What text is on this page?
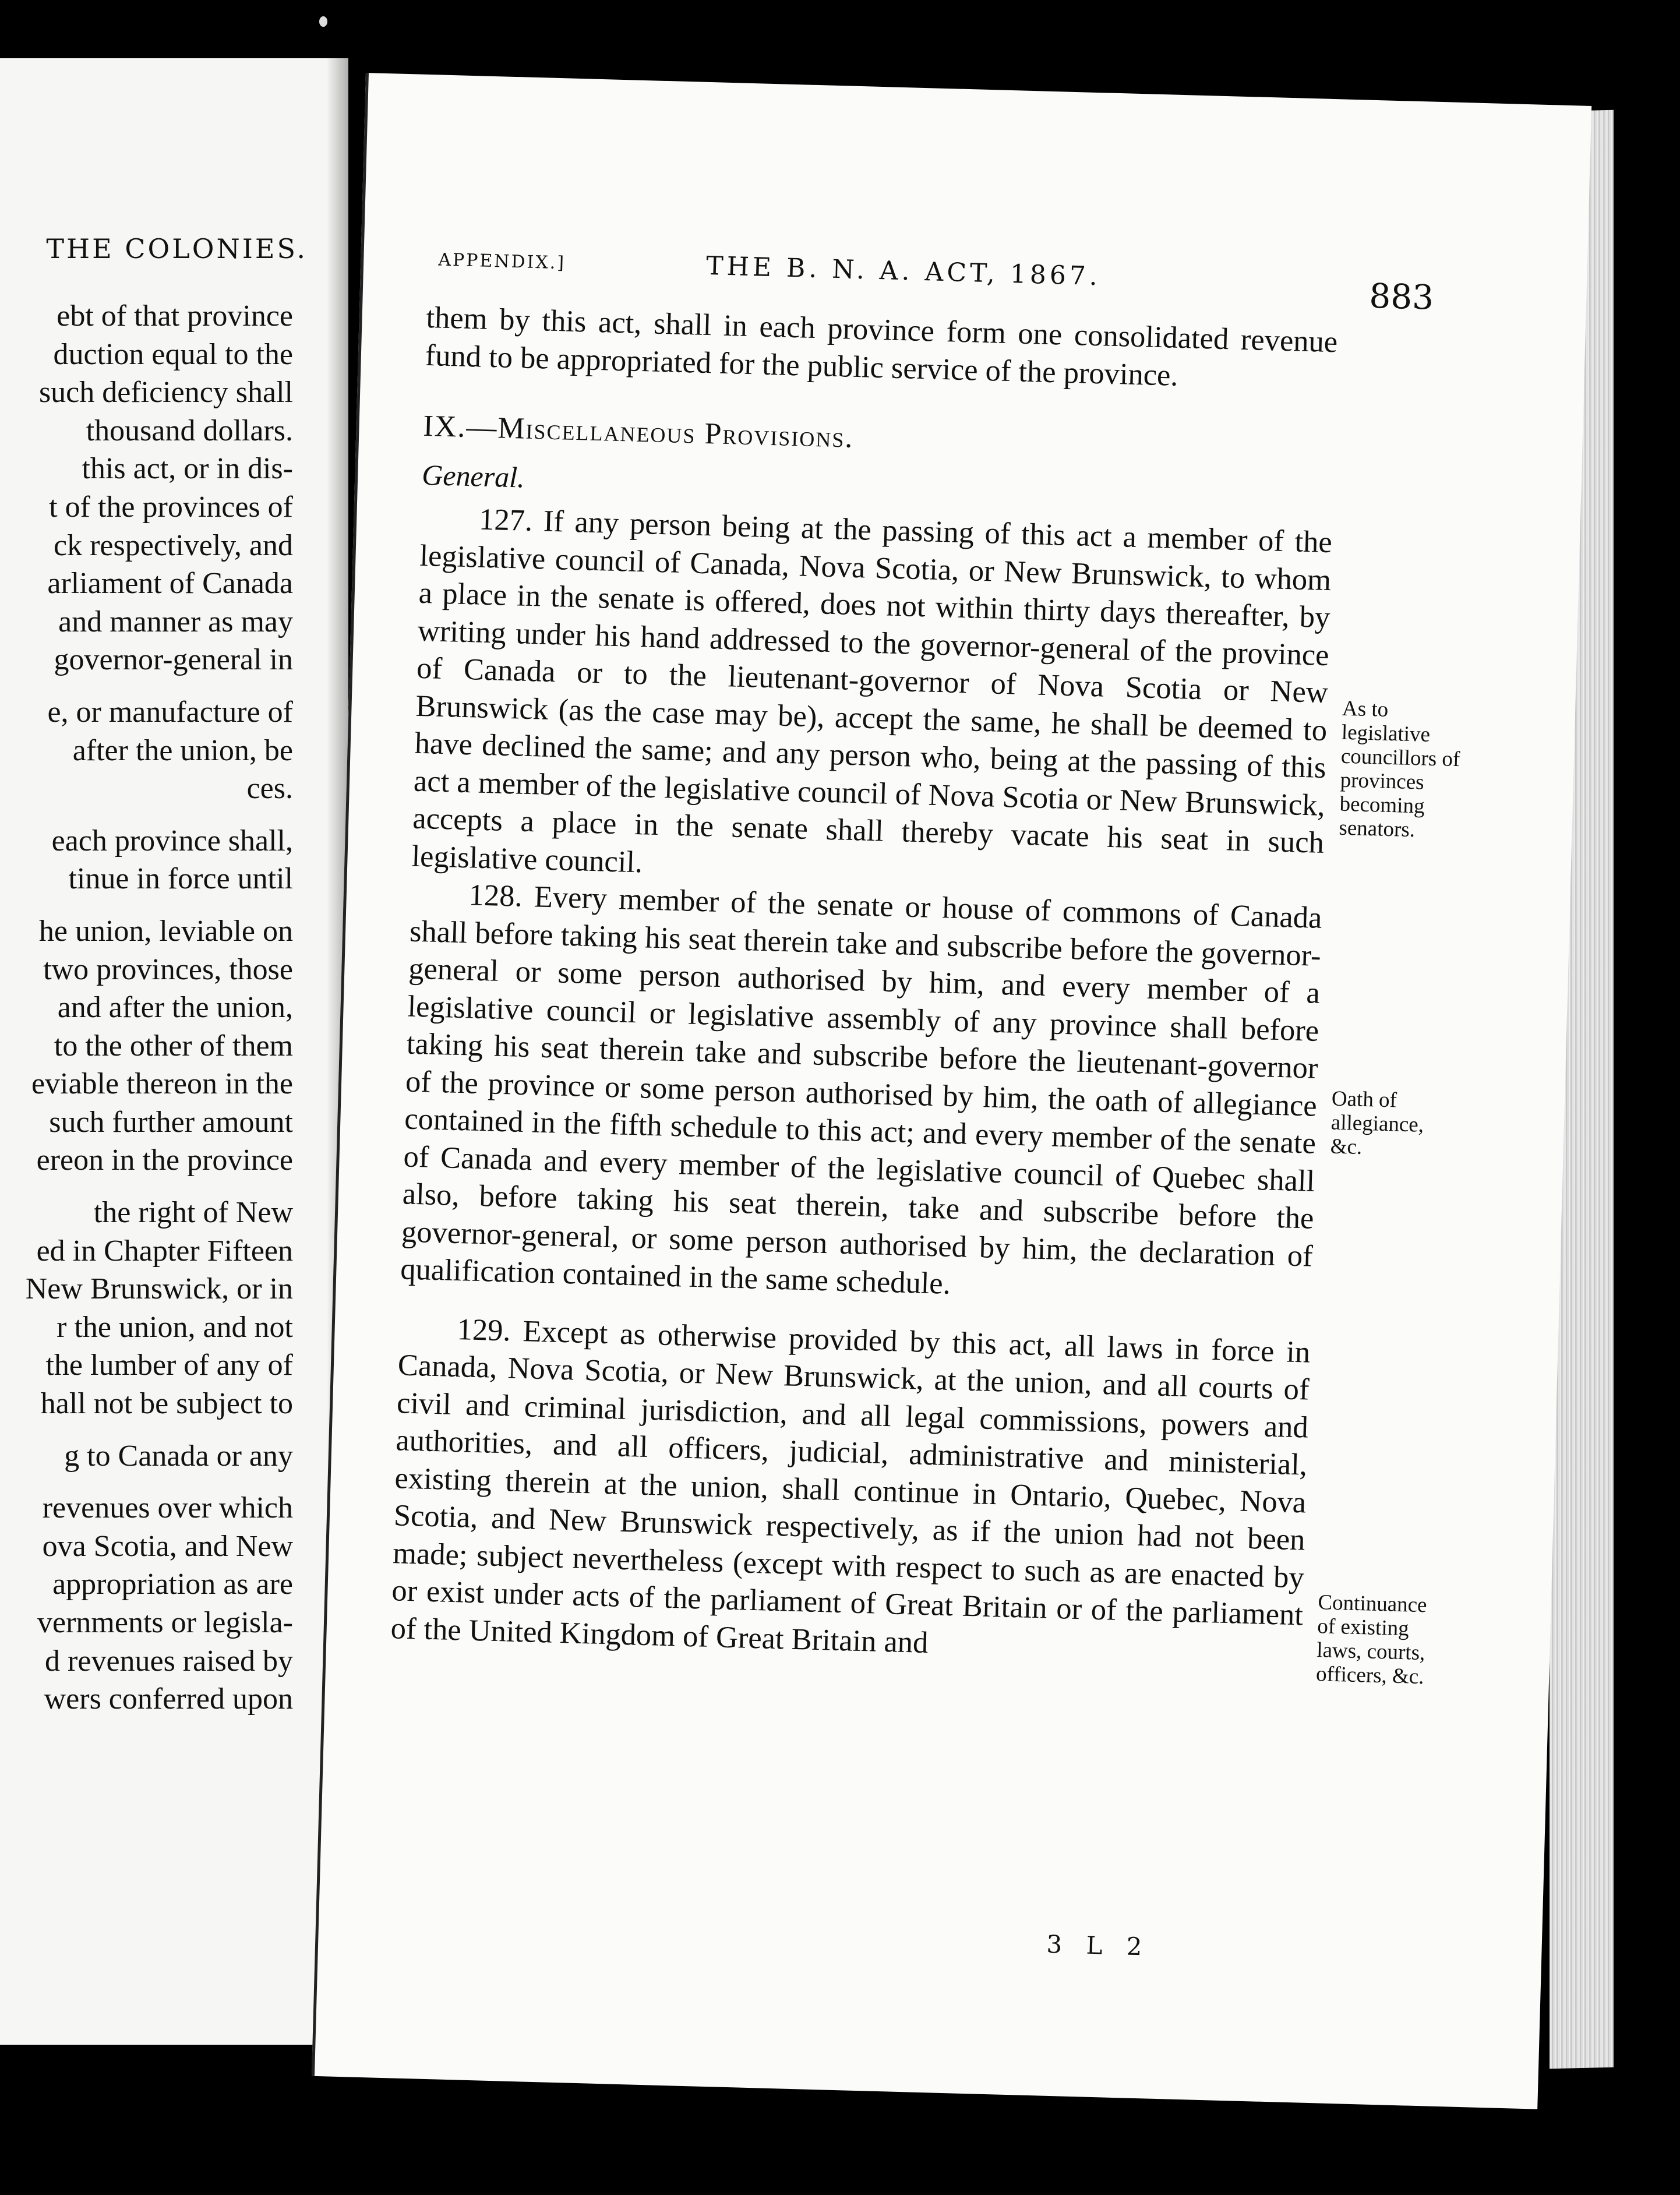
THE COLONIES.
ebt of that province
duction equal to the
such deficiency shall
thousand dollars.
this act, or in dis-
t of the provinces of
ck respectively, and
arliament of Canada
and manner as may
governor-general in
e, or manufacture of
after the union, be
ces.
each province shall,
tinue in force until
he union, leviable on
two provinces, those
and after the union,
to the other of them
eviable thereon in the
such further amount
ereon in the province
the right of New
ed in Chapter Fifteen
New Brunswick, or in
r the union, and not
the lumber of any of
hall not be subject to
g to Canada or any
revenues over which
ova Scotia, and New
appropriation as are
vernments or legisla-
d revenues raised by
wers conferred upon
APPENDIX.]	THE B. N. A. ACT, 1867.
883

them by this act, shall in each province form one consolidated revenue fund to be appropriated for the public service of the province.

IX.—Miscellaneous Provisions.
General.

127. If any person being at the passing of this act a member of the legislative council of Canada, Nova Scotia, or New Brunswick, to whom a place in the senate is offered, does not within thirty days thereafter, by writing under his hand addressed to the governor-general of the province of Canada or to the lieutenant-governor of Nova Scotia or New Brunswick (as the case may be), accept the same, he shall be deemed to have declined the same; and any person who, being at the passing of this act a member of the legislative council of Nova Scotia or New Brunswick, accepts a place in the senate shall thereby vacate his seat in such legislative council.

128. Every member of the senate or house of commons of Canada shall before taking his seat therein take and subscribe before the governor-general or some person authorised by him, and every member of a legislative council or legislative assembly of any province shall before taking his seat therein take and subscribe before the lieutenant-governor of the province or some person authorised by him, the oath of allegiance contained in the fifth schedule to this act; and every member of the senate of Canada and every member of the legislative council of Quebec shall also, before taking his seat therein, take and subscribe before the governor-general, or some person authorised by him, the declaration of qualification contained in the same schedule.

129. Except as otherwise provided by this act, all laws in force in Canada, Nova Scotia, or New Brunswick, at the union, and all courts of civil and criminal jurisdiction, and all legal commissions, powers and authorities, and all officers, judicial, administrative and ministerial, existing therein at the union, shall continue in Ontario, Quebec, Nova Scotia, and New Brunswick respectively, as if the union had not been made; subject nevertheless (except with respect to such as are enacted by or exist under acts of the parliament of Great Britain or of the parliament of the United Kingdom of Great Britain and

As to legislative councillors of provinces becoming senators.
Oath of allegiance, &c.
Continuance of existing laws, courts, officers, &c.
3 L 2
